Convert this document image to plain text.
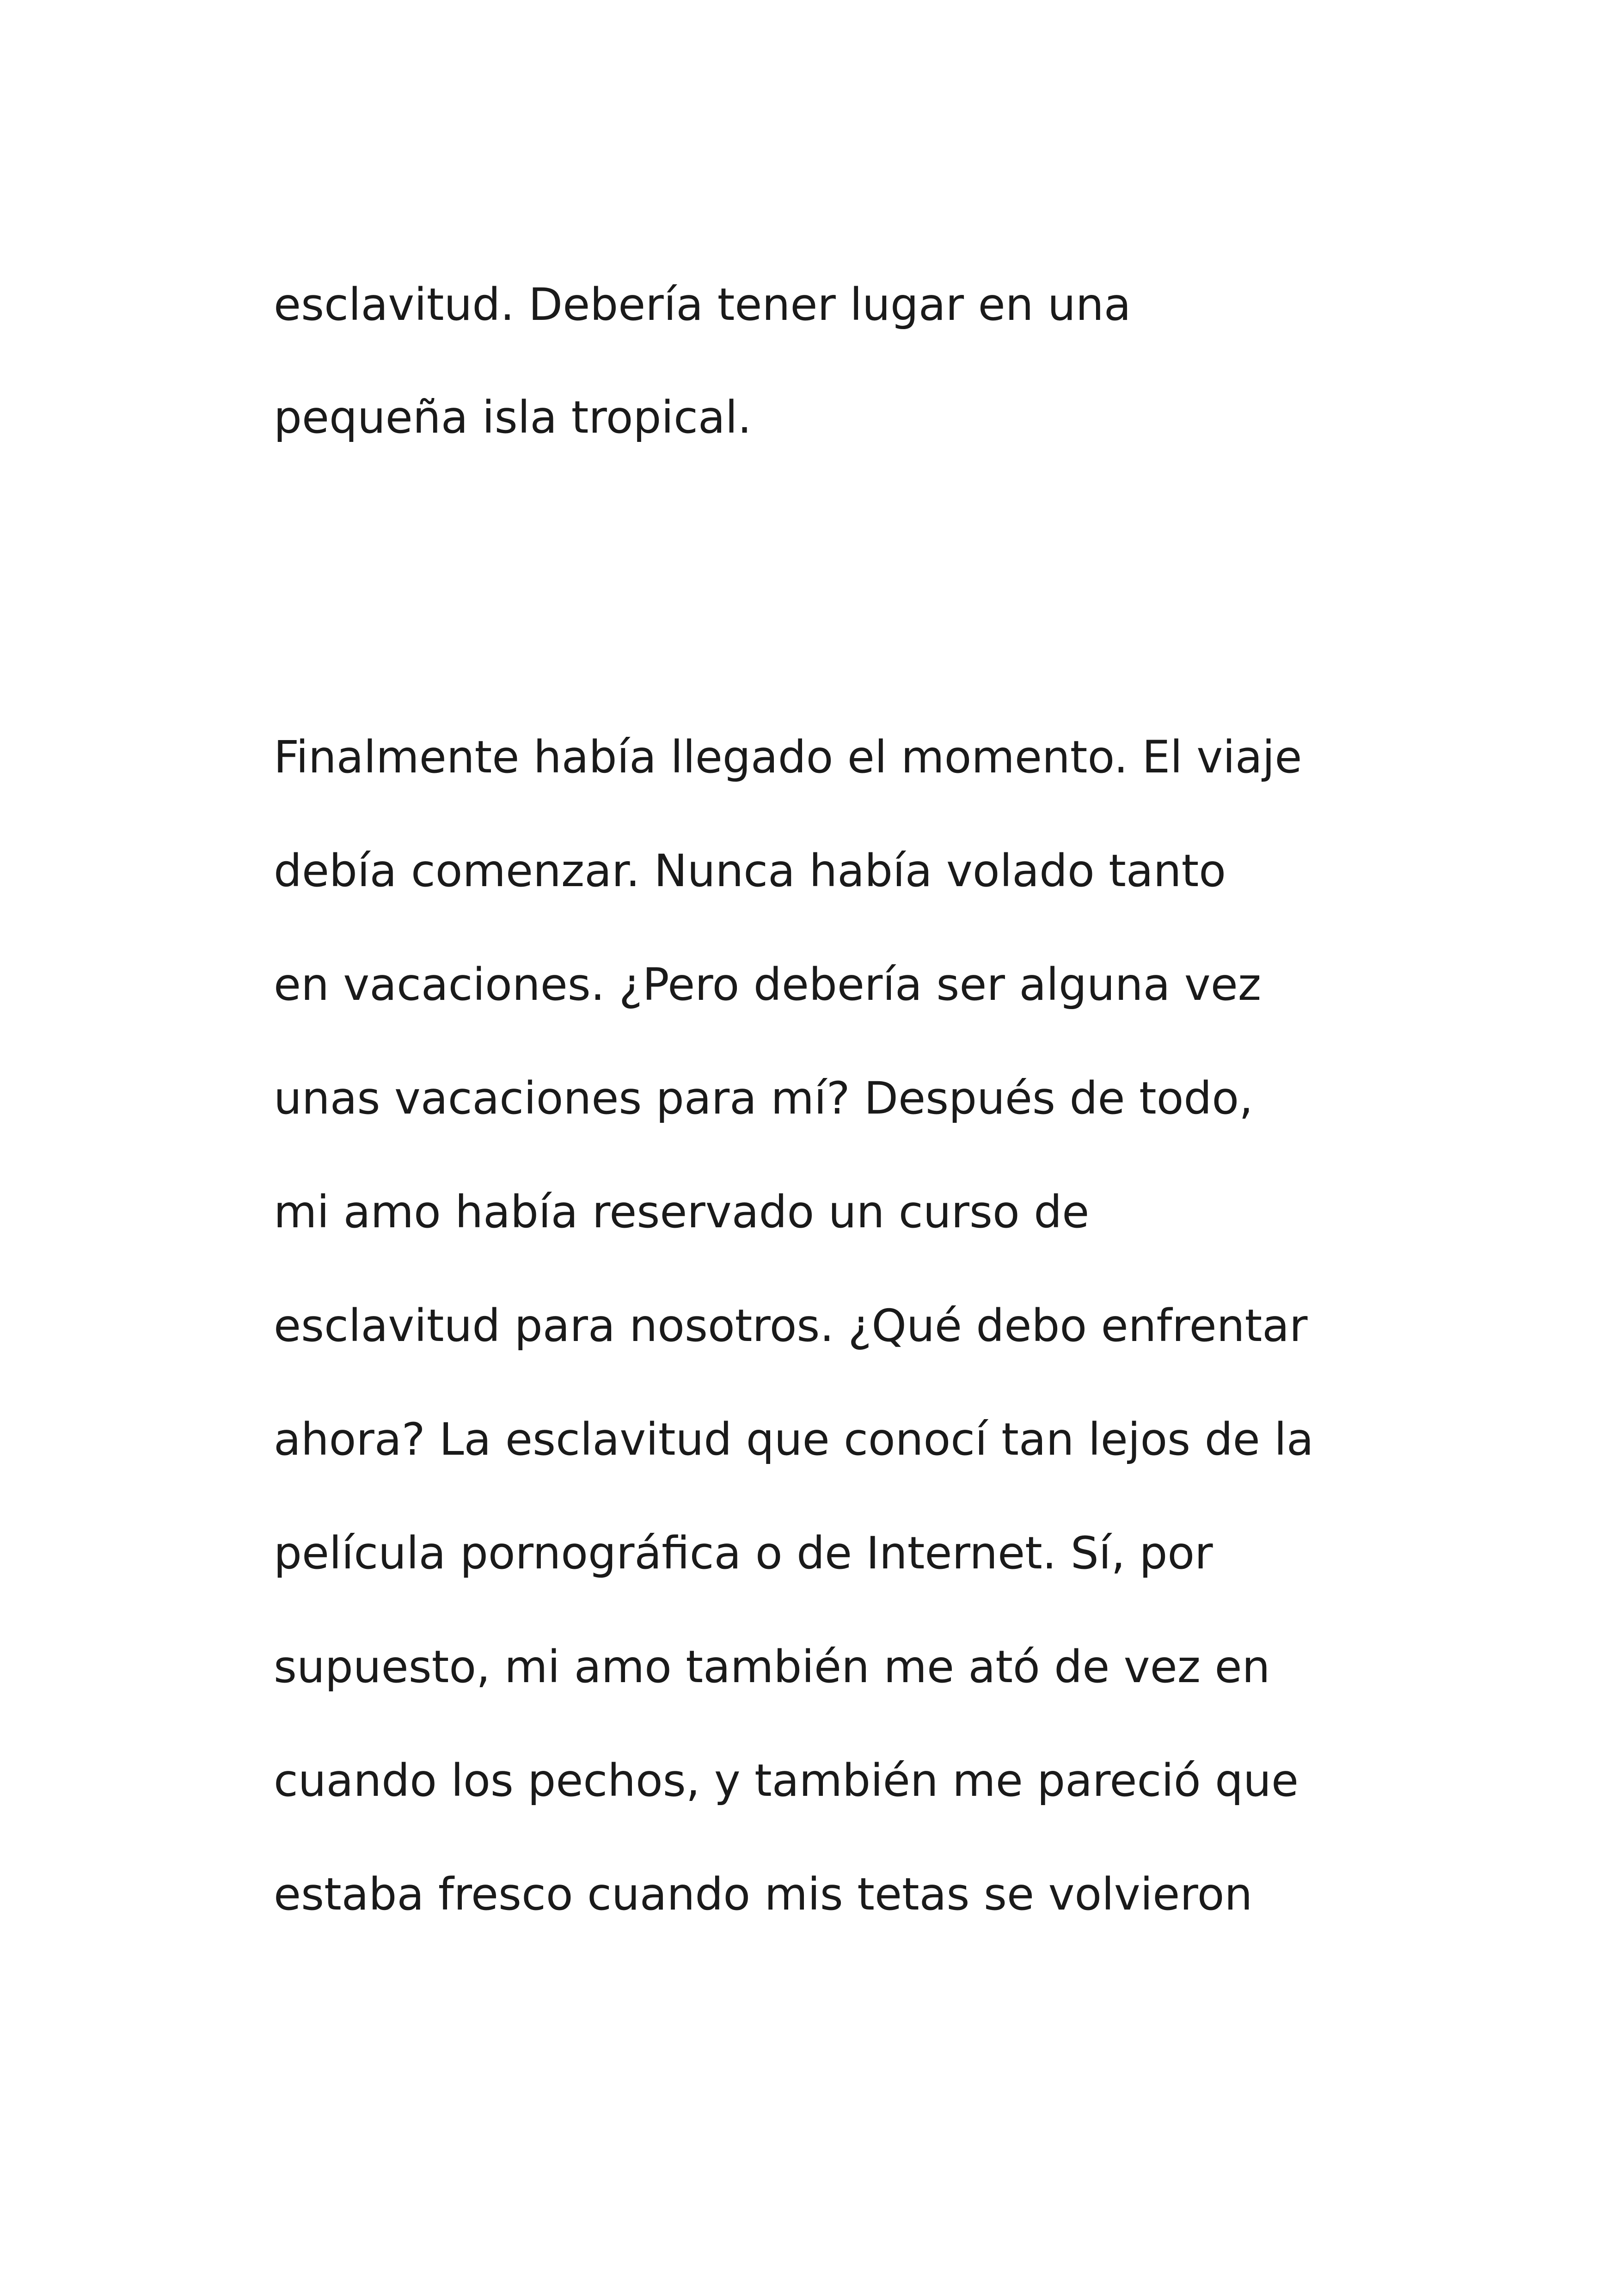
esclavitud. Debería tener lugar en una

pequeña isla tropical.

Finalmente había llegado el momento. El viaje

debía comenzar. Nunca había volado tanto

en vacaciones. ¿Pero debería ser alguna vez

unas vacaciones para mí? Después de todo,

mi amo había reservado un curso de

esclavitud para nosotros. ¿Qué debo enfrentar

ahora? La esclavitud que conocí tan lejos de la

película pornográfica o de Internet. Sí, por

supuesto, mi amo también me ató de vez en

cuando los pechos, y también me pareció que

estaba fresco cuando mis tetas se volvieron
